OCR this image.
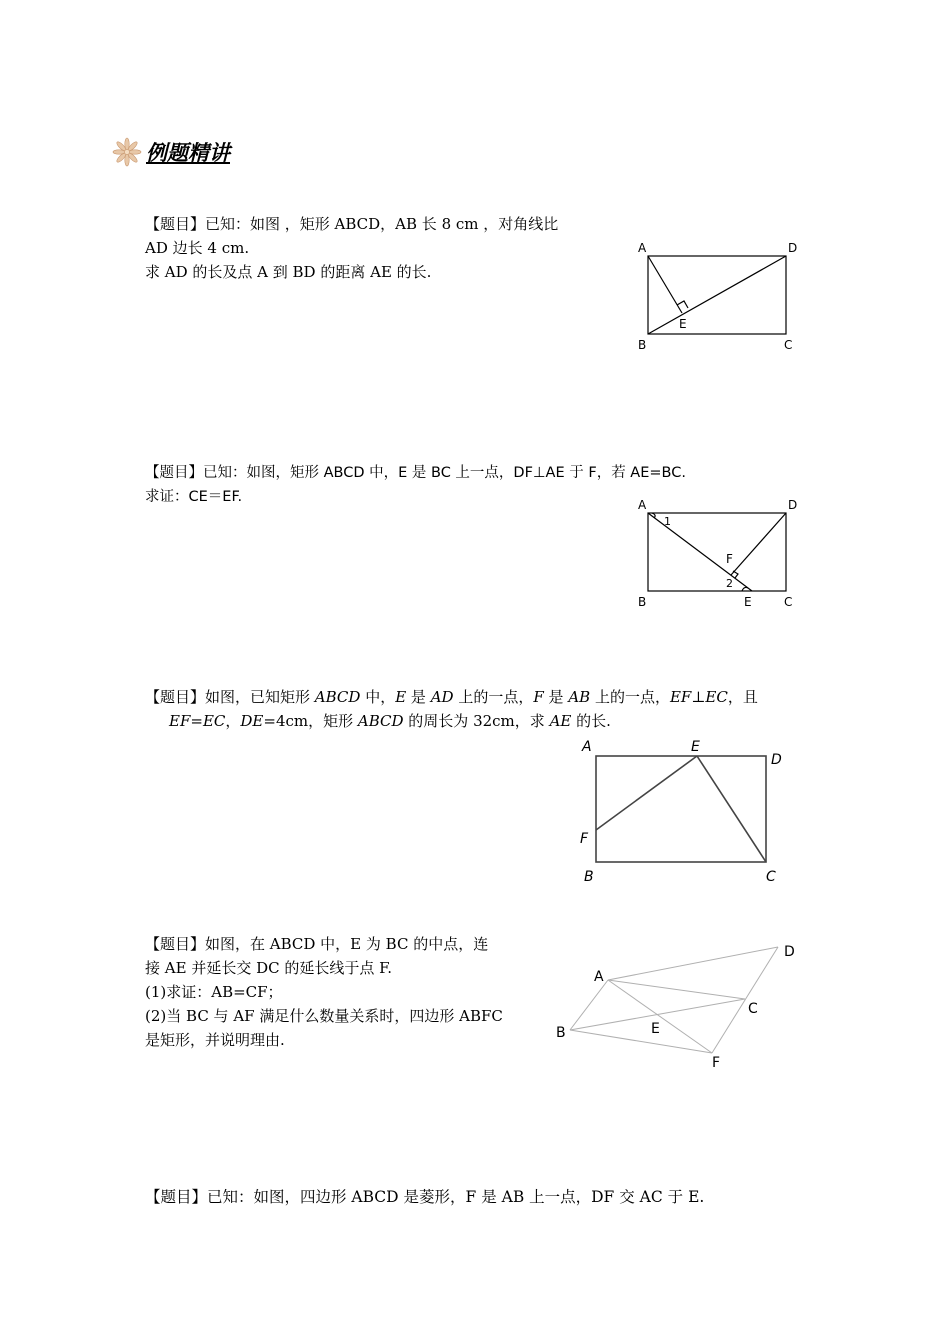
例题精讲
【题目】已知：如图 ，矩形 ABCD，AB 长 8 cm ，对角线比
AD 边长 4 cm.
求 AD 的长及点 A 到 BD 的距离 AE 的长.
A	D
B	C
E
【题目】已知：如图，矩形 ABCD 中，E 是 BC 上一点，DF⊥AE 于 F，若 AE=BC.
求证：CE＝EF.	A	D
B	C
E
F
1
2
【题目】如图，已知矩形 ABCD 中，E 是 AD 上的一点，F 是 AB 上的一点，EF⊥EC，且
EF=EC，DE=4cm，矩形 ABCD 的周长为 32cm，求 AE 的长.
A	E
D
F
B	C
【题目】如图，在 ABCD 中，E 为 BC 的中点，连
接 AE 并延长交 DC 的延长线于点 F.
(1)求证：AB=CF；
(2)当 BC 与 AF 满足什么数量关系时，四边形 ABFC
是矩形，并说明理由.
A
B
C
D
E
F
【题目】已知：如图，四边形 ABCD 是菱形，F 是 AB 上一点，DF 交 AC 于 E.
